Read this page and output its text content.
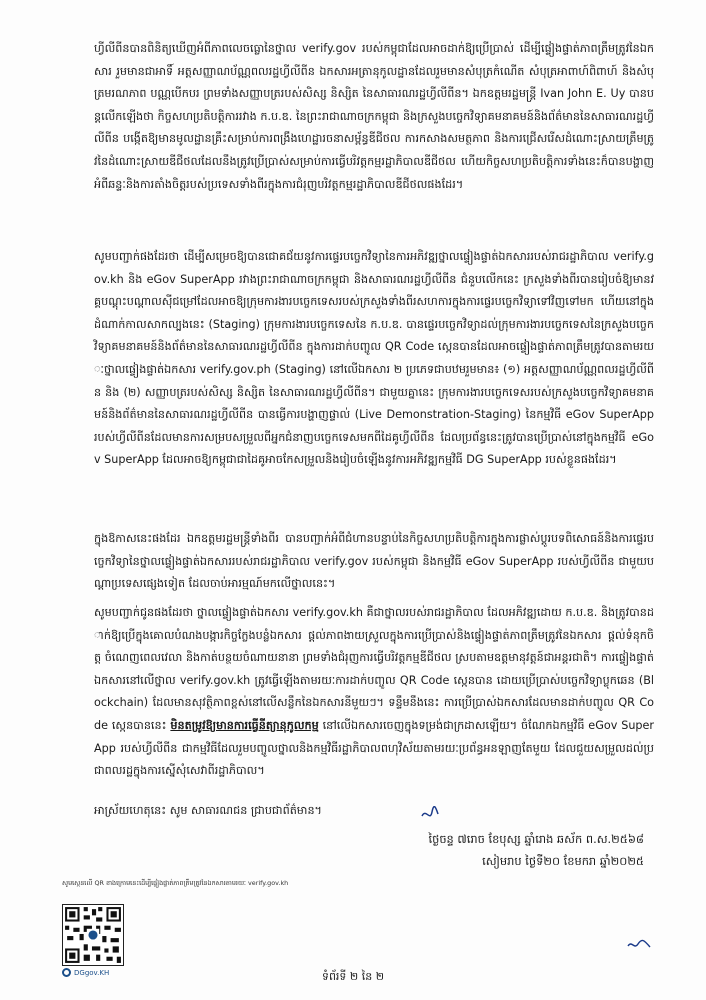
ហ្វីលីពីនបានពិនិត្យឃើញអំពីភាពលេចធ្លោនៃថ្នាល verify.gov របស់កម្ពុជាដែលអាចដាក់ឱ្យប្រើប្រាស់ ដើម្បីផ្ទៀងផ្ទាត់ភាពត្រឹមត្រូវនៃឯកសារ រួមមានជាអាទិ៍ អត្តសញ្ញាណប័ណ្ណពលរដ្ឋហ្វីលីពីន ឯកសារអត្រានុកូលដ្ឋានដែលរួមមានសំបុត្រកំណើត សំបុត្រអាពាហ៍ពិពាហ៍ និងសំបុត្រមរណភាព បណ្ណបើកបរ ព្រមទាំងសញ្ញាបត្ររបស់សិស្ស និស្សិត នៃសាធារណរដ្ឋហ្វីលីពីន។ ឯកឧត្តមរដ្ឋមន្ត្រី Ivan John E. Uy បានបន្តលើកឡើងថា កិច្ចសហប្រតិបត្តិការរវាង ក.ប.ឌ. នៃព្រះរាជាណាចក្រកម្ពុជា និងក្រសួងបច្ចេកវិទ្យាគមនាគមន៍និងព័ត៌មាននៃសាធារណរដ្ឋហ្វីលីពីន បង្កើតឱ្យមានមូលដ្ឋានគ្រឹះសម្រាប់ការពង្រឹងហេដ្ឋារចនាសម្ព័ន្ធឌីជីថល ការកសាងសមត្ថភាព និងការជ្រើសរើសដំណោះស្រាយត្រឹមត្រូវនៃដំណោះស្រាយឌីជីថលដែលនឹងត្រូវប្រើប្រាស់សម្រាប់ការធ្វើបរិវត្តកម្មរដ្ឋាភិបាលឌីជីថល ហើយកិច្ចសហប្រតិបត្តិការទាំងនេះក៏បានបង្ហាញអំពីឆន្ទៈនិងការតាំងចិត្តរបស់ប្រទេសទាំងពីរក្នុងការជំរុញបរិវត្តកម្មរដ្ឋាភិបាលឌីជីថលផងដែរ។
សូមបញ្ជាក់ផងដែរថា ដើម្បីសម្រេចឱ្យបានជោគជ័យនូវការផ្ទេរបច្ចេកវិទ្យានៃការអភិវឌ្ឍថ្នាលផ្ទៀងផ្ទាត់ឯកសាររបស់រាជរដ្ឋាភិបាល verify.gov.kh និង eGov SuperApp រវាងព្រះរាជាណាចក្រកម្ពុជា និងសាធារណរដ្ឋហ្វីលីពីន ជំនួបលើកនេះ ក្រសួងទាំងពីរបានរៀបចំឱ្យមានវគ្គបណ្តុះបណ្តាលស៊ីជម្រៅដែលអាចឱ្យក្រុមការងារបច្ចេកទេសរបស់ក្រសួងទាំងពីរសហការក្នុងការផ្ទេរបច្ចេកវិទ្យាទៅវិញទៅមក ហើយនៅក្នុងដំណាក់កាលសាកល្បងនេះ (Staging) ក្រុមការងារបច្ចេកទេសនៃ ក.ប.ឌ. បានផ្ទេរបច្ចេកវិទ្យាដល់ក្រុមការងារបច្ចេកទេសនៃក្រសួងបច្ចេកវិទ្យាគមនាគមន៍និងព័ត៌មាននៃសាធារណរដ្ឋហ្វីលីពីន ក្នុងការដាក់បញ្ចូល QR Code ស្កេនបានដែលអាចផ្ទៀងផ្ទាត់ភាពត្រឹមត្រូវបានតាមរយៈថ្នាលផ្ទៀងផ្ទាត់ឯកសារ verify.gov.ph (Staging) នៅលើឯកសារ ២ ប្រភេទជាបឋមរួមមាន៖ (១) អត្តសញ្ញាណប័ណ្ណពលរដ្ឋហ្វីលីពីន និង (២) សញ្ញាបត្ររបស់សិស្ស និស្សិត នៃសាធារណរដ្ឋហ្វីលីពីន។ ជាមួយគ្នានេះ ក្រុមការងារបច្ចេកទេសរបស់ក្រសួងបច្ចេកវិទ្យាគមនាគមន៍និងព័ត៌មាននៃសាធារណរដ្ឋហ្វីលីពីន បានធ្វើការបង្ហាញផ្ទាល់ (Live Demonstration-Staging) នៃកម្មវិធី eGov SuperApp របស់ហ្វីលីពីនដែលមានការសម្របសម្រួលពីអ្នកជំនាញបច្ចេកទេសមកពីដៃគូហ្វីលីពីន ដែលប្រព័ន្ធនេះត្រូវបានប្រើប្រាស់នៅក្នុងកម្មវិធី eGov SuperApp ដែលអាចឱ្យកម្ពុជាជាដៃគូអាចកែសម្រួលនិងរៀបចំឡើងនូវការអភិវឌ្ឍកម្មវិធី DG SuperApp របស់ខ្លួនផងដែរ។
ក្នុងឱកាសនេះផងដែរ ឯកឧត្តមរដ្ឋមន្ត្រីទាំងពីរ បានបញ្ជាក់អំពីជំហានបន្ទាប់នៃកិច្ចសហប្រតិបត្តិការក្នុងការផ្លាស់ប្តូរបទពិសោធន៍និងការផ្ទេរបច្ចេកវិទ្យានៃថ្នាលផ្ទៀងផ្ទាត់ឯកសាររបស់រាជរដ្ឋាភិបាល verify.gov របស់កម្ពុជា និងកម្មវិធី eGov SuperApp របស់ហ្វីលីពីន ជាមួយបណ្តាប្រទេសផ្សេងទៀត ដែលចាប់អារម្មណ៍មកលើថ្នាលនេះ។
សូមបញ្ជាក់ជូនផងដែរថា ថ្នាលផ្ទៀងផ្ទាត់ឯកសារ verify.gov.kh គឺជាថ្នាលរបស់រាជរដ្ឋាភិបាល ដែលអភិវឌ្ឍដោយ ក.ប.ឌ. និងត្រូវបានដាក់ឱ្យប្រើក្នុងគោលបំណងបង្ការកិច្ចក្លែងបន្លំឯកសារ ផ្តល់ភាពងាយស្រួលក្នុងការប្រើប្រាស់និងផ្ទៀងផ្ទាត់ភាពត្រឹមត្រូវនៃឯកសារ ផ្តល់ទំនុកចិត្ត ចំណេញពេលវេលា និងកាត់បន្ថយចំណាយនានា ព្រមទាំងជំរុញការធ្វើបរិវត្តកម្មឌីជីថល ស្របតាមឧត្តមានុវត្តន៍ជាអន្តរជាតិ។ ការផ្ទៀងផ្ទាត់ឯកសារនៅលើថ្នាល verify.gov.kh ត្រូវធ្វើឡើងតាមរយៈការដាក់បញ្ចូល QR Code ស្កេនបាន ដោយប្រើប្រាស់បច្ចេកវិទ្យាប្លុកឆេន (Blockchain) ដែលមានសុវត្ថិភាពខ្ពស់នៅលើសន្លឹកនៃឯកសារនីមួយៗ។ ទន្ទឹមនឹងនេះ ការប្រើប្រាស់ឯកសារដែលមានដាក់បញ្ចូល QR Code ស្កេនបាននេះ មិនតម្រូវឱ្យមានការធ្វើនីត្យានុកូលកម្ម នៅលើឯកសារចេញក្នុងទម្រង់ជាក្រដាសឡើយ។ ចំណែកឯកម្មវិធី eGov SuperApp របស់ហ្វីលីពីន ជាកម្មវិធីដែលរួមបញ្ចូលថ្នាលនិងកម្មវិធីរដ្ឋាភិបាលពហុវិស័យតាមរយៈប្រព័ន្ធអនឡាញតែមួយ ដែលជួយសម្រួលដល់ប្រជាពលរដ្ឋក្នុងការស្នើសុំសេវាពីរដ្ឋាភិបាល។
អាស្រ័យហេតុនេះ សូម សាធារណជន ជ្រាបជាព័ត៌មាន។
ថ្ងៃចន្ទ ៧រោច ខែបុស្ស ឆ្នាំរោង ឆស័ក ព.ស.២៥៦៨
សៀមរាប ថ្ងៃទី២០ ខែមករា ឆ្នាំ២០២៥
សូមស្កេនលើ QR ខាងក្រោមនេះដើម្បីផ្ទៀងផ្ទាត់ភាពត្រឹមត្រូវនៃឯកសារតាមរយៈ verify.gov.kh
DGgov.KH	ទំព័រទី ២ នៃ ២
